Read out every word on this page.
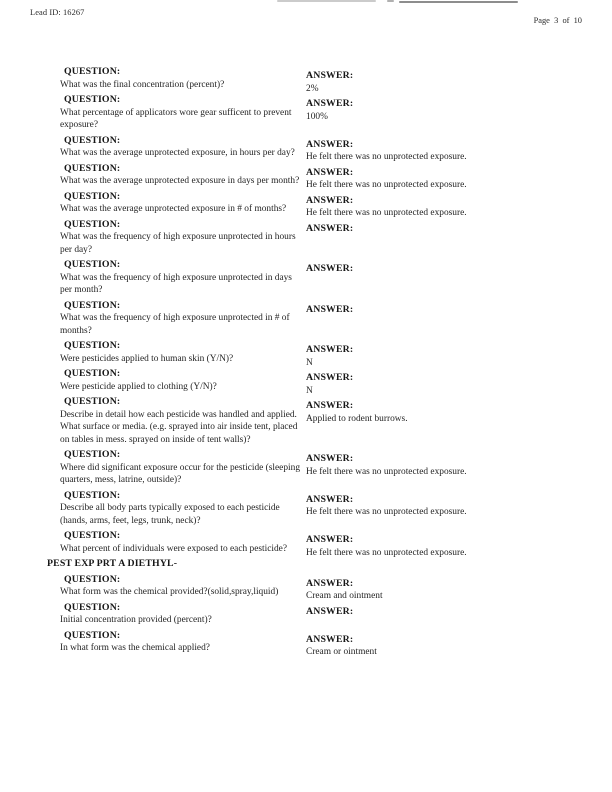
Lead ID: 16267
Page  3  of  10
QUESTION:
What was the final concentration (percent)?
ANSWER:
2%
QUESTION:
What percentage of applicators wore gear sufficent to prevent exposure?
ANSWER:
100%
QUESTION:
What was the average unprotected exposure, in hours per day?
ANSWER:
He felt there was no unprotected exposure.
QUESTION:
What was the average unprotected exposure in days per month?
ANSWER:
He felt there was no unprotected exposure.
QUESTION:
What was the average unprotected exposure in # of months?
ANSWER:
He felt there was no unprotected exposure.
QUESTION:
What was the frequency of high exposure unprotected in hours per day?
ANSWER:
QUESTION:
What was the frequency of high exposure unprotected in days per month?
ANSWER:
QUESTION:
What was the frequency of high exposure unprotected in # of months?
ANSWER:
QUESTION:
Were pesticides applied to human skin (Y/N)?
ANSWER:
N
QUESTION:
Were pesticide applied to clothing (Y/N)?
ANSWER:
N
QUESTION:
Describe in detail how each pesticide was handled and applied.  What surface or media. (e.g. sprayed into air inside tent, placed on tables in mess. sprayed on inside of tent walls)?
ANSWER:
Applied to rodent burrows.
QUESTION:
Where did significant exposure occur for the pesticide (sleeping quarters, mess, latrine, outside)?
ANSWER:
He felt there was no unprotected exposure.
QUESTION:
Describe all body parts typically exposed to each pesticide (hands, arms, feet, legs, trunk, neck)?
ANSWER:
He felt there was no unprotected exposure.
QUESTION:
What percent of individuals were exposed to each pesticide?
ANSWER:
He felt there was no unprotected exposure.
PEST EXP PRT A DIETHYL-
QUESTION:
What form was the chemical provided?(solid,spray,liquid)
ANSWER:
Cream and ointment
QUESTION:
Initial concentration provided (percent)?
ANSWER:
QUESTION:
In what form was the chemical applied?
ANSWER:
Cream or ointment
